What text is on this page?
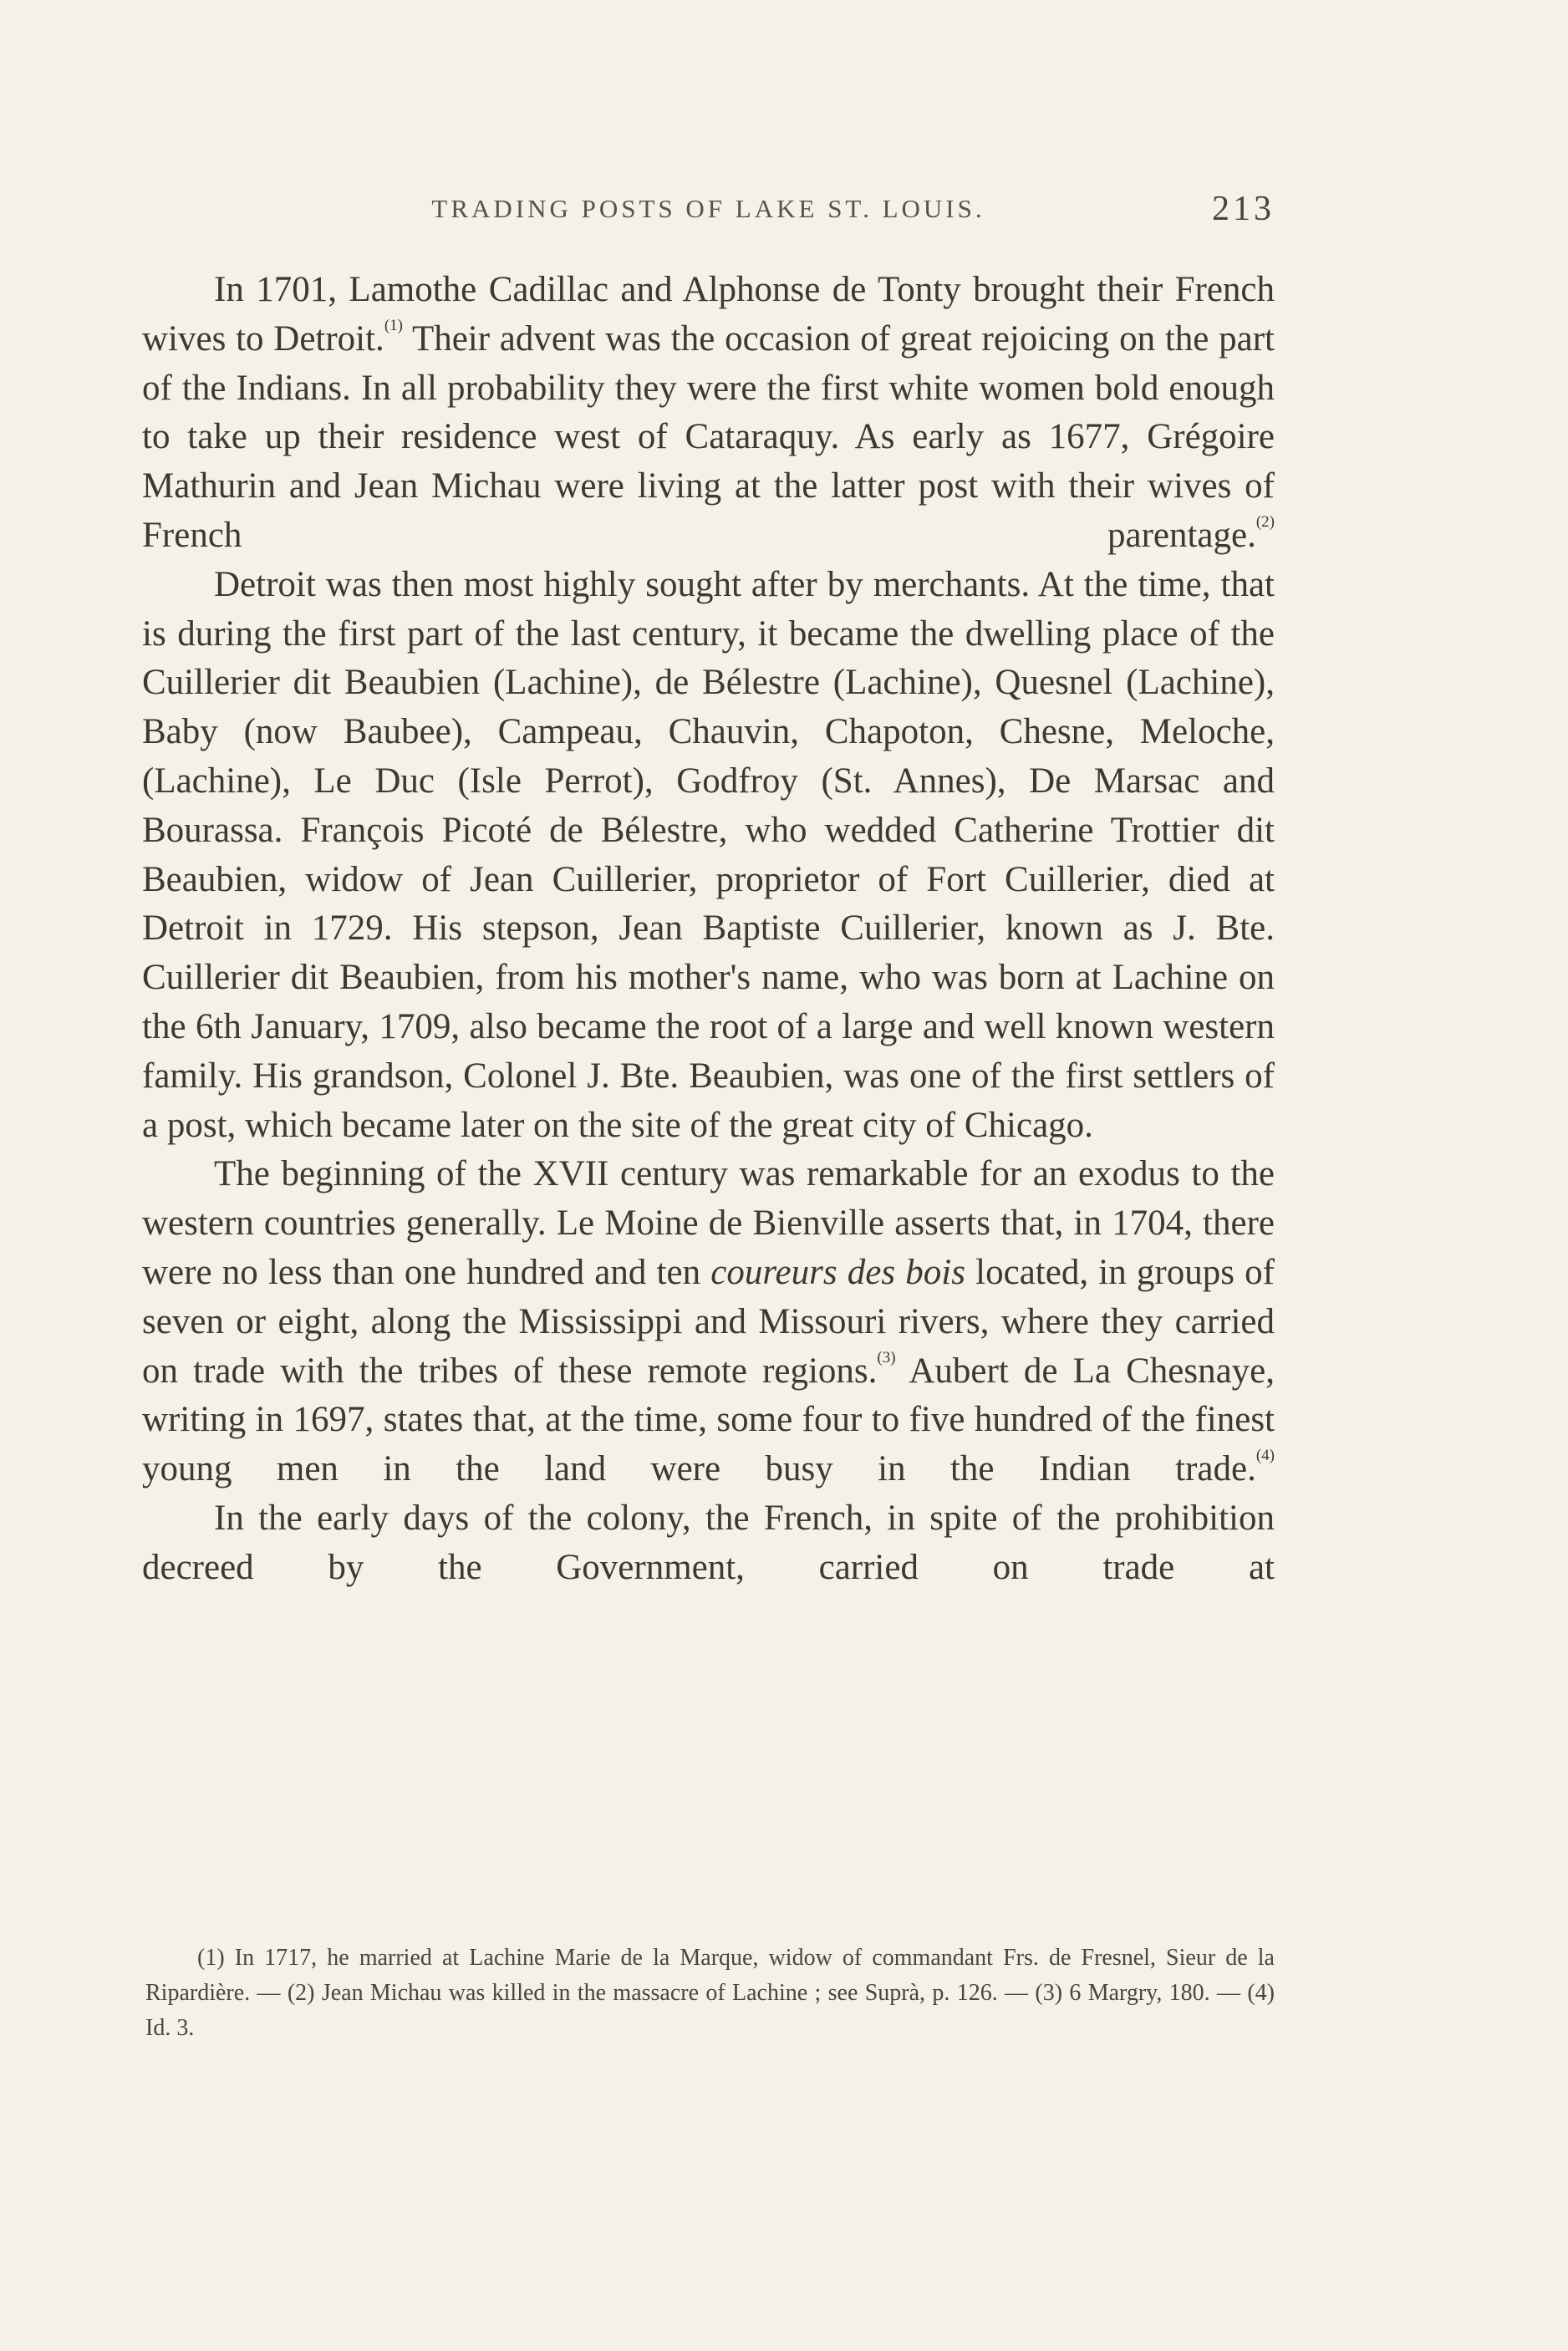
TRADING POSTS OF LAKE ST. LOUIS.	213

In 1701, Lamothe Cadillac and Alphonse de Tonty brought their French wives to Detroit.$^{(1)}$ Their advent was the occasion of great rejoicing on the part of the Indians. In all probability they were the first white women bold enough to take up their residence west of Cataraquy. As early as 1677, Grégoire Mathurin and Jean Michau were living at the latter post with their wives of French parentage.$^{(2)}$

Detroit was then most highly sought after by merchants. At the time, that is during the first part of the last century, it became the dwelling place of the Cuillerier dit Beaubien (Lachine), de Bélestre (Lachine), Quesnel (Lachine), Baby (now Baubee), Campeau, Chauvin, Chapoton, Chesne, Meloche, (Lachine), Le Duc (Isle Perrot), Godfroy (St. Annes), De Marsac and Bourassa. François Picoté de Bélestre, who wedded Catherine Trottier dit Beaubien, widow of Jean Cuillerier, proprietor of Fort Cuillerier, died at Detroit in 1729. His stepson, Jean Baptiste Cuillerier, known as J. Bte. Cuillerier dit Beaubien, from his mother's name, who was born at Lachine on the 6th January, 1709, also became the root of a large and well known western family. His grandson, Colonel J. Bte. Beaubien, was one of the first settlers of a post, which became later on the site of the great city of Chicago.

The beginning of the XVII century was remarkable for an exodus to the western countries generally. Le Moine de Bienville asserts that, in 1704, there were no less than one hundred and ten coureurs des bois located, in groups of seven or eight, along the Mississippi and Missouri rivers, where they carried on trade with the tribes of these remote regions.$^{(3)}$ Aubert de La Chesnaye, writing in 1697, states that, at the time, some four to five hundred of the finest young men in the land were busy in the Indian trade.$^{(4)}$

In the early days of the colony, the French, in spite of the prohibition decreed by the Government, carried on trade at

(1) In 1717, he married at Lachine Marie de la Marque, widow of commandant Frs. de Fresnel, Sieur de la Ripardière. — (2) Jean Michau was killed in the massacre of Lachine ; see Suprà, p. 126. — (3) 6 Margry, 180. — (4) Id. 3.
